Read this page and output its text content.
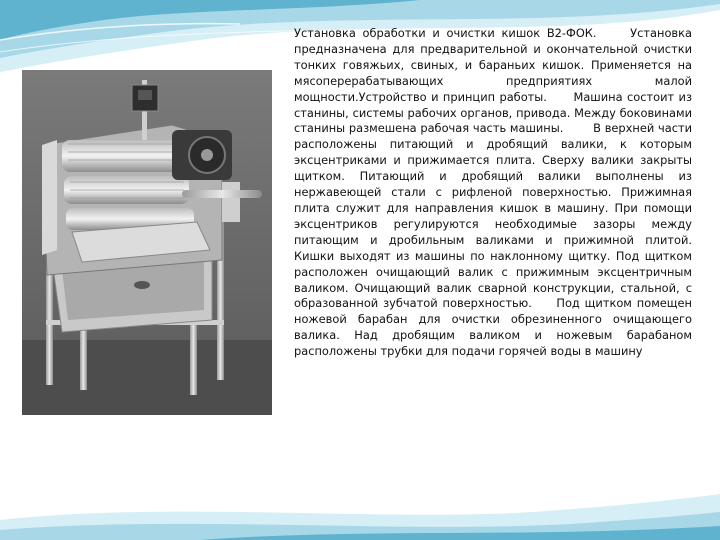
Установка обработки и очистки кишок В2-ФОК.     Установка предназначена для предварительной и окончательной очистки тонких говяжьих, свиных, и бараньих кишок. Применяется на мясоперерабатывающих предприятиях малой мощности.Устройство и принцип работы.      Машина состоит из станины, системы рабочих органов, привода. Между боковинами станины размешена рабочая часть машины.        В верхней части расположены питающий и дробящий валики, к которым эксцентриками и прижимается плита. Сверху валики закрыты щитком. Питающий и дробящий валики выполнены из нержавеющей стали с рифленой поверхностью. Прижимная плита служит для направления кишок в машину. При помощи эксцентриков регулируются необходимые зазоры между питающим и дробильным валиками и прижимной плитой.      Кишки выходят из машины по наклонному щитку. Под щитком расположен очищающий валик с прижимным эксцентричным валиком. Очищающий валик сварной конструкции, стальной, с образованной зубчатой поверхностью.     Под щитком помещен ножевой барабан для очистки обрезиненного очищающего валика. Над дробящим валиком и ножевым барабаном расположены трубки для подачи горячей воды в машину
